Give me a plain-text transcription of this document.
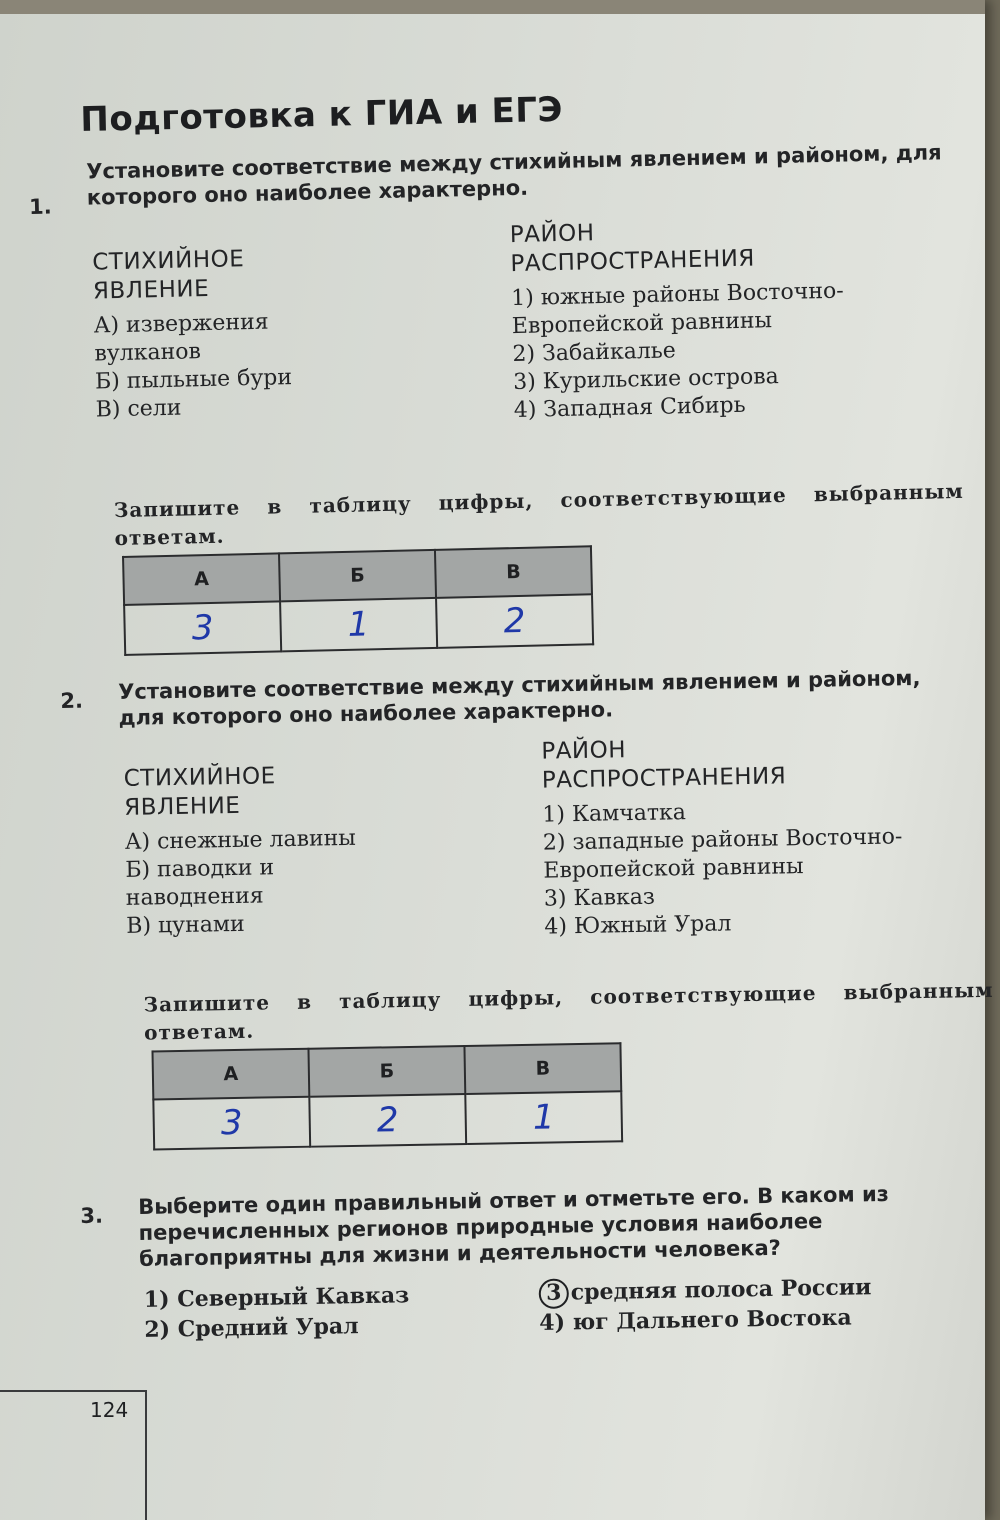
Подготовка к ГИА и ЕГЭ
1.
Установите соответствие между стихийным явлением и районом, для которого оно наиболее характерно.
СТИХИЙНОЕ
ЯВЛЕНИЕ
А) извержения вулканов
Б) пыльные бури
В) сели
РАЙОН
РАСПРОСТРАНЕНИЯ
1) южные районы Восточно-Европейской равнины
2) Забайкалье
3) Курильские острова
4) Западная Сибирь
Запишите в таблицу цифры, соответствующие выбранным ответам.
А	Б	В
3	1	2
2. Установите соответствие между стихийным явлением и районом, для которого оно наиболее характерно.
СТИХИЙНОЕ
ЯВЛЕНИЕ
А) снежные лавины
Б) паводки и наводнения
В) цунами
РАЙОН
РАСПРОСТРАНЕНИЯ
1) Камчатка
2) западные районы Восточно-Европейской равнины
3) Кавказ
4) Южный Урал
Запишите в таблицу цифры, соответствующие выбранным ответам.
А	Б	В
3	2	1
3. Выберите один правильный ответ и отметьте его. В каком из перечисленных регионов природные условия наиболее благоприятны для жизни и деятельности человека?
1) Северный Кавказ
2) Средний Урал
3 средняя полоса России
4) юг Дальнего Востока
124
